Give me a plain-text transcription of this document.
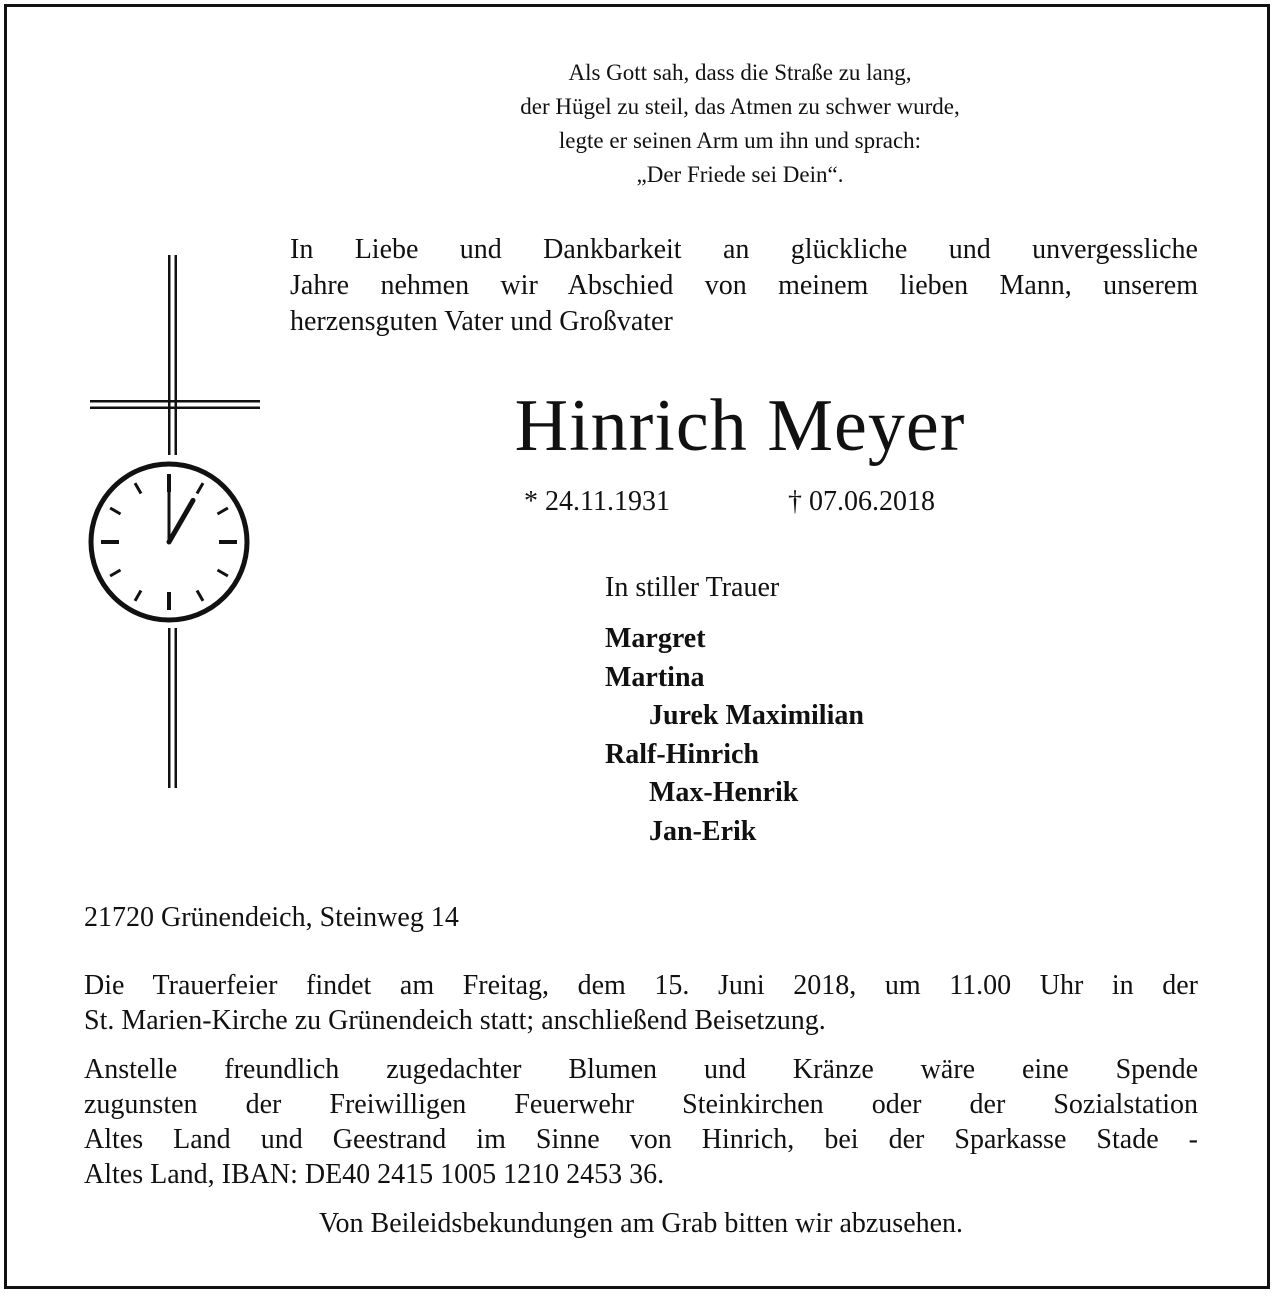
Als Gott sah, dass die Straße zu lang,
der Hügel zu steil, das Atmen zu schwer wurde,
legte er seinen Arm um ihn und sprach:
„Der Friede sei Dein“.
In Liebe und Dankbarkeit an glückliche und unvergessliche
Jahre nehmen wir Abschied von meinem lieben Mann, unserem
herzensguten Vater und Großvater
Hinrich Meyer
* 24.11.1931	† 07.06.2018
In stiller Trauer
Margret
Martina
Jurek Maximilian
Ralf-Hinrich
Max-Henrik
Jan-Erik
21720 Grünendeich, Steinweg 14
Die Trauerfeier findet am Freitag, dem 15. Juni 2018, um 11.00 Uhr in der
St. Marien-Kirche zu Grünendeich statt; anschließend Beisetzung.
Anstelle freundlich zugedachter Blumen und Kränze wäre eine Spende
zugunsten der Freiwilligen Feuerwehr Steinkirchen oder der Sozialstation
Altes Land und Geestrand im Sinne von Hinrich, bei der Sparkasse Stade -
Altes Land, IBAN: DE40 2415 1005 1210 2453 36.
Von Beileidsbekundungen am Grab bitten wir abzusehen.
